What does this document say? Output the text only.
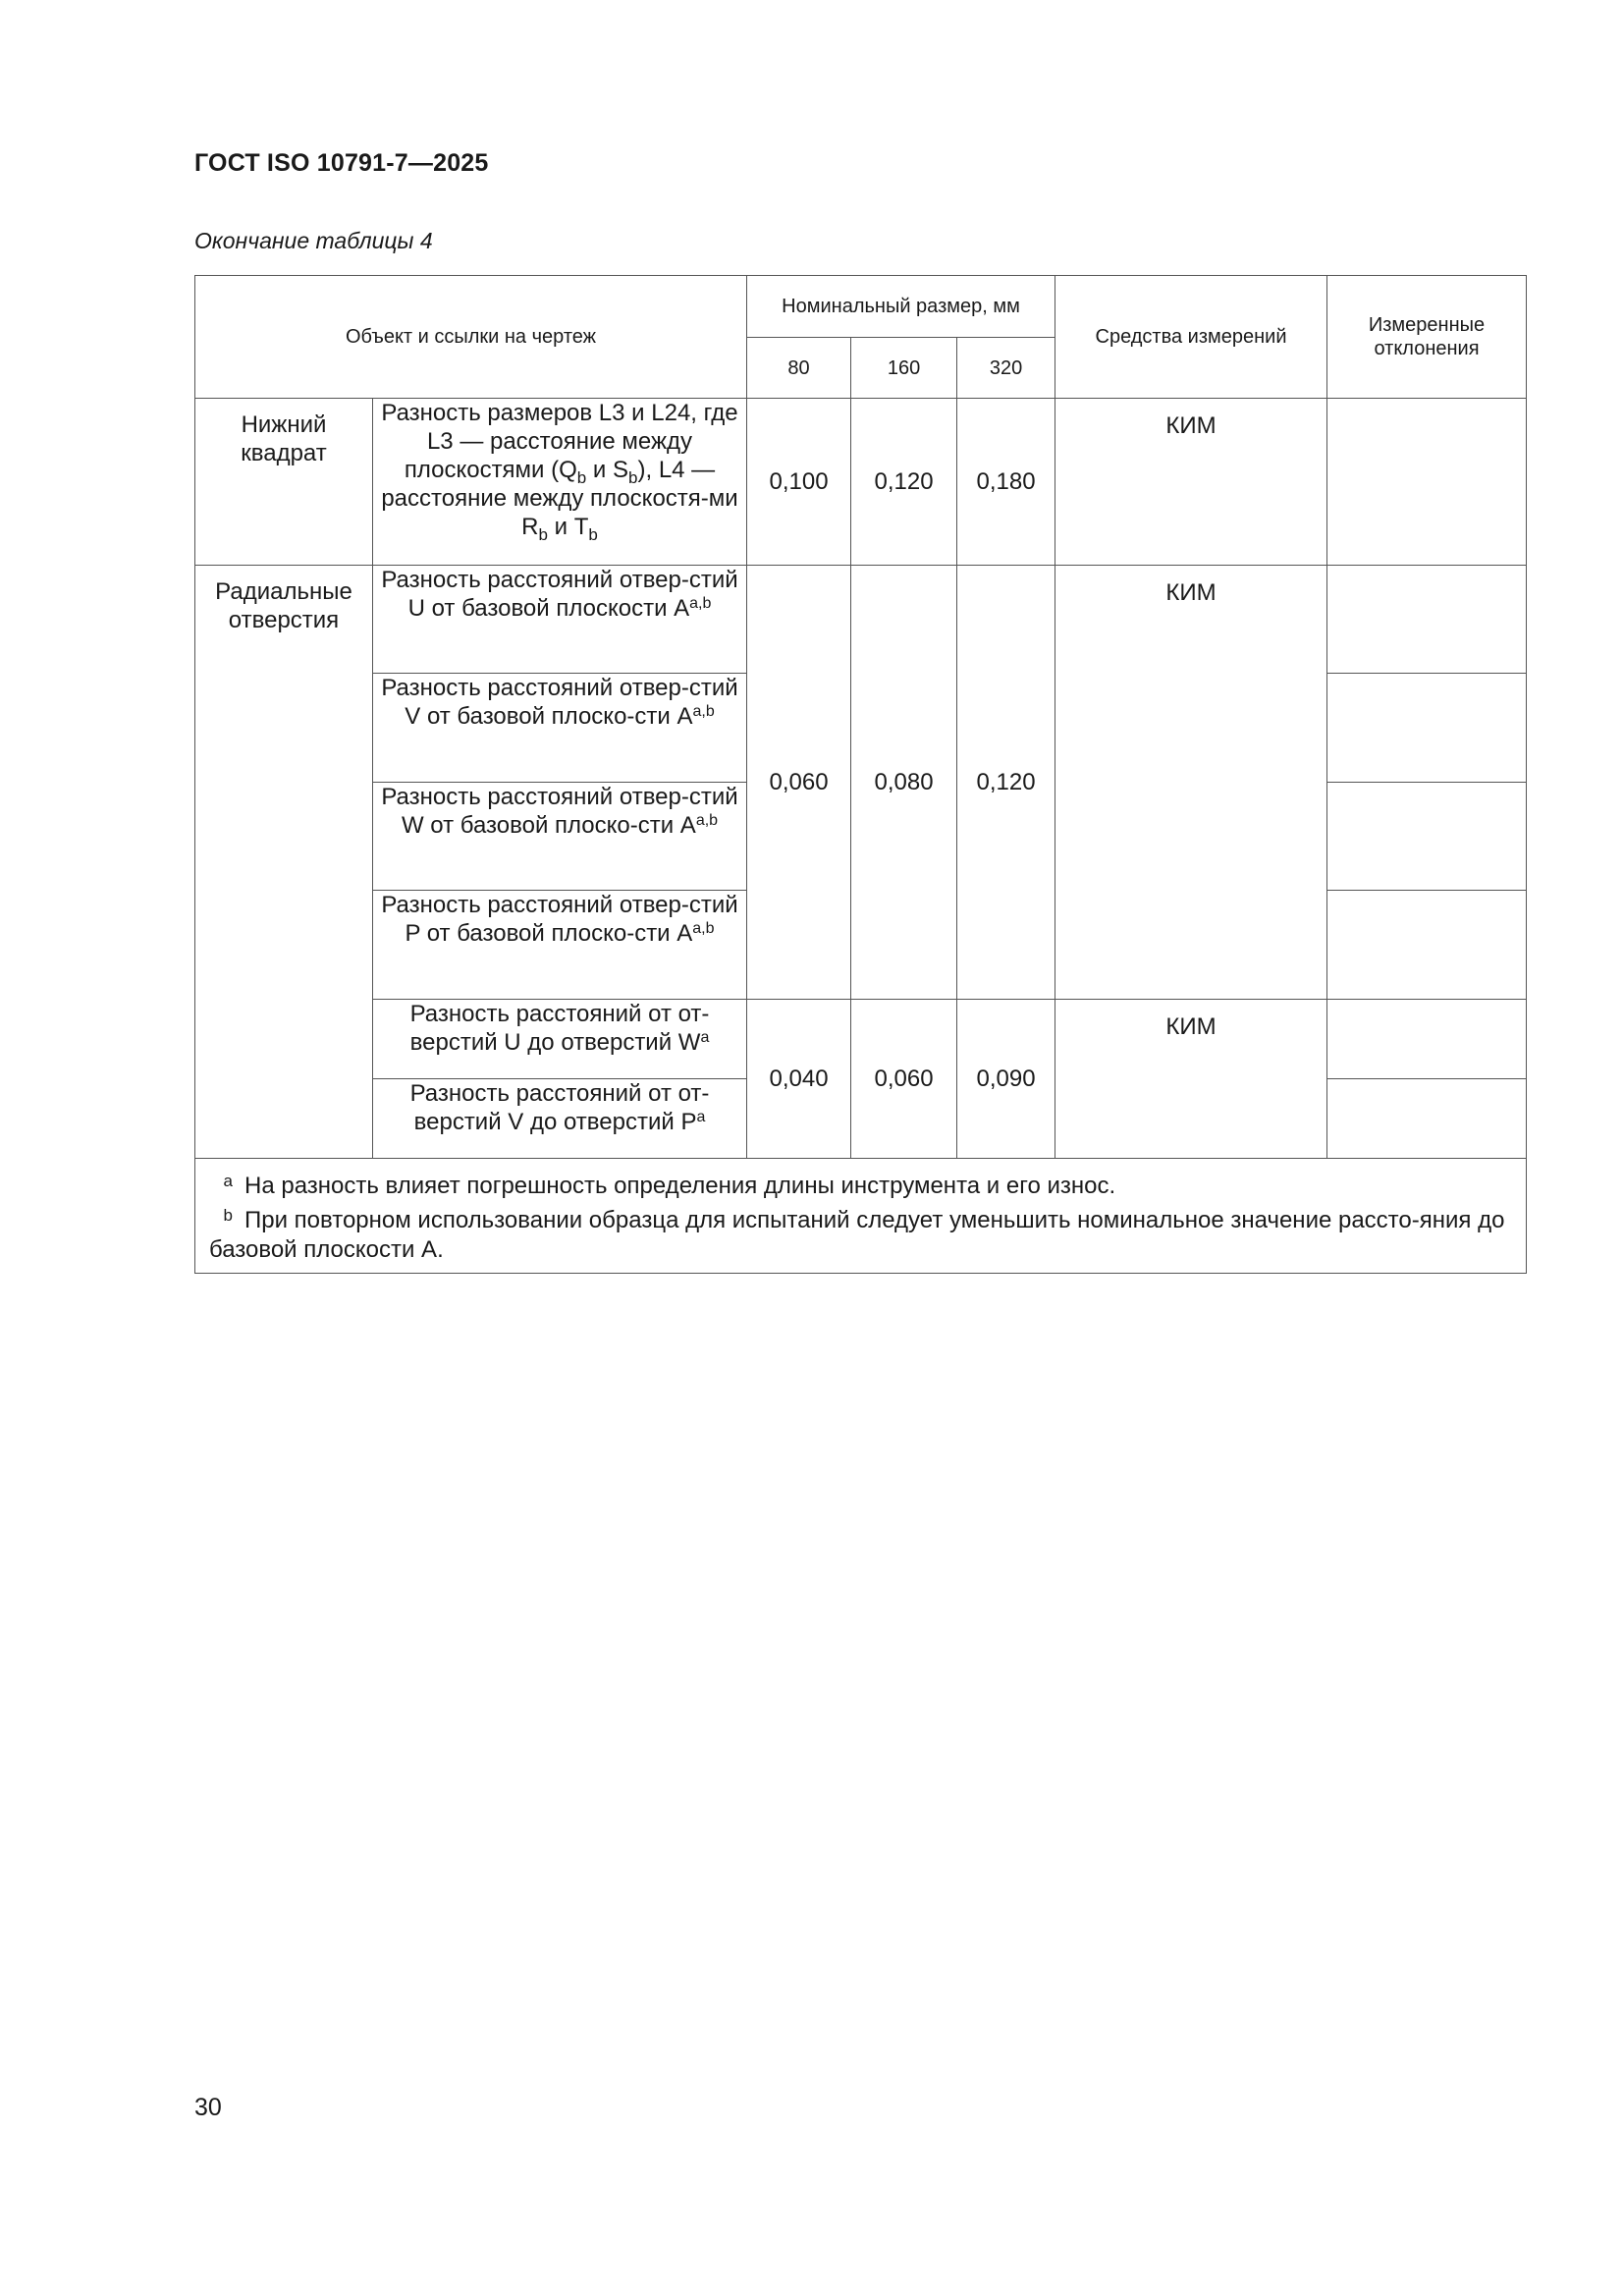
ГОСТ ISO 10791-7—2025
Окончание таблицы 4
Объект и ссылки на чертеж		Номинальный размер, мм			Средства измерений	Измеренные отклонения
		80	160	320		
Нижний квадрат	Разность размеров L3 и L24, где L3 — расстояние между плоскостями ($Q_b$ и $S_b$), L4 — расстояние между плоскостя-ми $R_b$ и $T_b$	0,100	0,120	0,180	КИМ	
Радиальные отверстия	Разность расстояний отвер-стий U от базовой плоскости A$^{a,b}$	0,060	0,080	0,120	КИМ	
	Разность расстояний отвер-стий V от базовой плоско-сти A$^{a,b}$	
	Разность расстояний отвер-стий W от базовой плоско-сти A$^{a,b}$	
	Разность расстояний отвер-стий P от базовой плоско-сти A$^{a,b}$	
	Разность расстояний от от-верстий U до отверстий $W^a$	0,040	0,060	0,090	КИМ	
	Разность расстояний от от-верстий V до отверстий $P^a$	

a На разность влияет погрешность определения длины инструмента и его износ.
b При повторном использовании образца для испытаний следует уменьшить номинальное значение рассто-яния до базовой плоскости A.						
30
